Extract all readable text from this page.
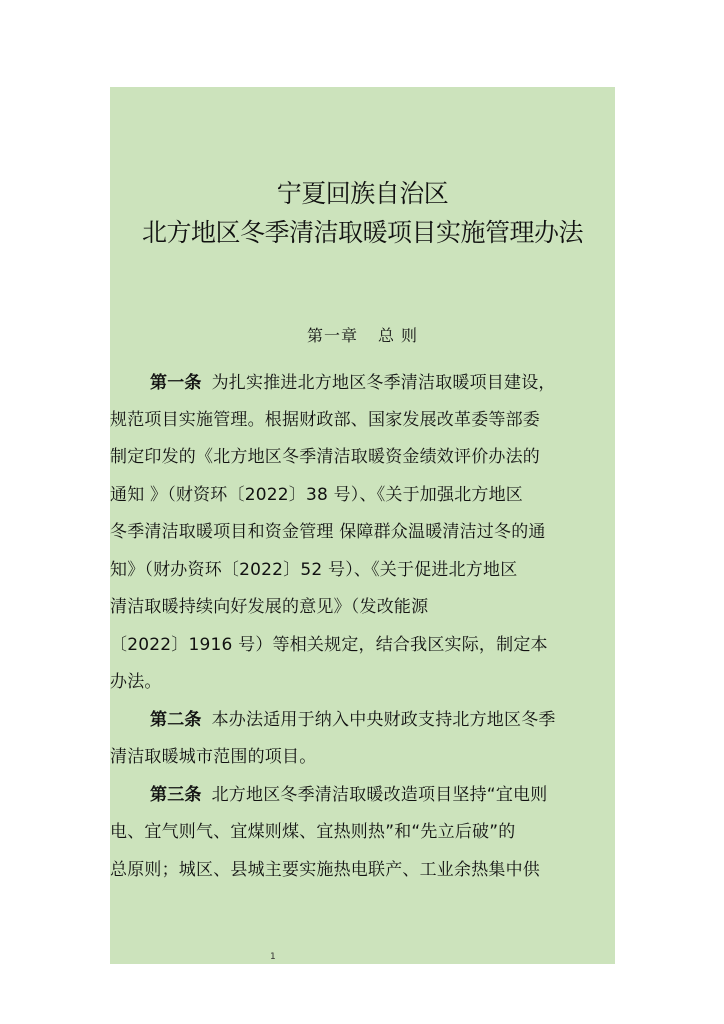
宁夏回族自治区
北方地区冬季清洁取暖项目实施管理办法
第一章 总 则
第一条 为扎实推进北方地区冬季清洁取暖项目建设，
规范项目实施管理。根据财政部、国家发展改革委等部委
制定印发的《北方地区冬季清洁取暖资金绩效评价办法的
通知 》（财资环〔2022〕38 号）、《关于加强北方地区
冬季清洁取暖项目和资金管理 保障群众温暖清洁过冬的通
知》（财办资环〔2022〕52 号）、《关于促进北方地区
清洁取暖持续向好发展的意见》（发改能源
〔2022〕1916 号）等相关规定，结合我区实际，制定本
办法。
第二条 本办法适用于纳入中央财政支持北方地区冬季
清洁取暖城市范围的项目。
第三条 北方地区冬季清洁取暖改造项目坚持“宜电则
电、宜气则气、宜煤则煤、宜热则热”和“先立后破”的
总原则；城区、县城主要实施热电联产、工业余热集中供
1
